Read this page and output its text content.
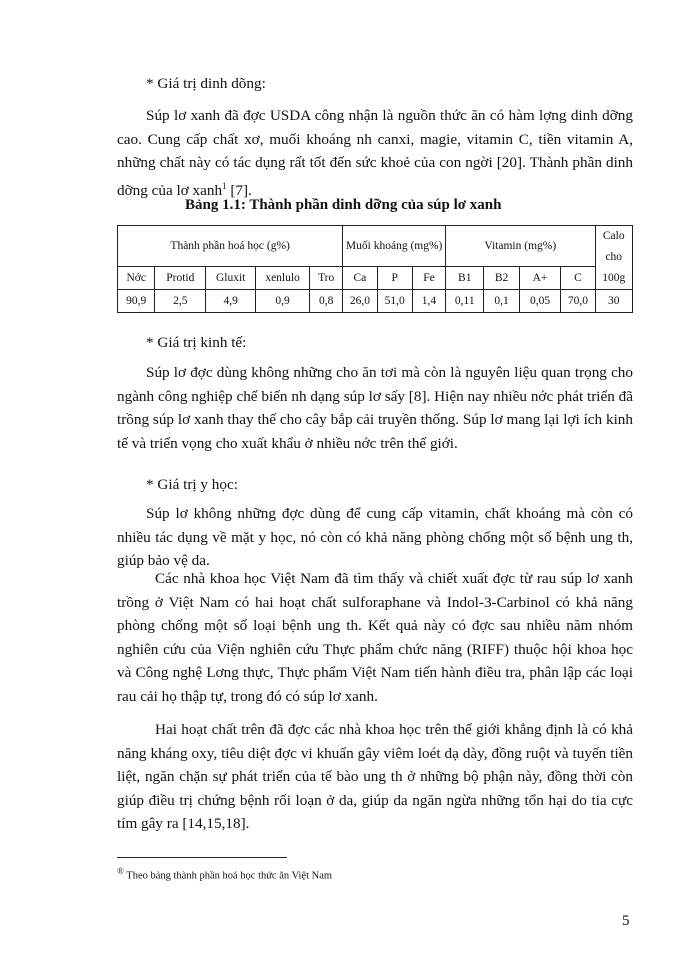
* Giá trị dinh dõng:

Súp lơ xanh đã đợc USDA công nhận là nguồn thức ăn có hàm lợng dinh dỡng cao. Cung cấp chất xơ, muối khoáng nh canxi, magie, vitamin C, tiền vitamin A, những chất này có tác dụng rất tốt đến sức khoẻ của con ngời [20]. Thành phần dinh dỡng của lơ xanh$^1$ [7].

Bảng 1.1: Thành phần dinh dỡng của súp lơ xanh

Thành phần hoá học (g%)					Muối khoáng (mg%)			Vitamin (mg%)				Calo cho 100g
Nớc	Protid	Gluxit	xenlulo	Tro	Ca	P	Fe	B1	B2	A+	C	
90,9	2,5	4,9	0,9	0,8	26,0	51,0	1,4	0,11	0,1	0,05	70,0	30

* Giá trị kinh tế:

Súp lơ đợc dùng không những cho ăn tơi mà còn là nguyên liệu quan trọng cho ngành công nghiệp chế biến nh dạng súp lơ sấy [8]. Hiện nay nhiều nớc phát triển đã trồng súp lơ xanh thay thế cho cây bắp cải truyền thống. Súp lơ mang lại lợi ích kinh tế và triển vọng cho xuất khẩu ở nhiều nớc trên thế giới.

* Giá trị y học:

Súp lơ không những đợc dùng để cung cấp vitamin, chất khoáng mà còn có nhiều tác dụng về mặt y học, nó còn có khả năng phòng chống một số bệnh ung th, giúp bảo vệ da.

Các nhà khoa học Việt Nam đã tìm thấy và chiết xuất đợc từ rau súp lơ xanh trồng ở Việt Nam có hai hoạt chất sulforaphane và Indol-3-Carbinol có khả năng phòng chống một số loại bệnh ung th. Kết quả này có đợc sau nhiều năm nhóm nghiên cứu của Viện nghiên cứu Thực phẩm chức năng (RIFF) thuộc hội khoa học và Công nghệ Lơng thực, Thực phẩm Việt Nam tiến hành điều tra, phân lập các loại rau cải họ thập tự, trong đó có súp lơ xanh.

Hai hoạt chất trên đã đợc các nhà khoa học trên thế giới khẳng định là có khả năng kháng oxy, tiêu diệt đợc vi khuẩn gây viêm loét dạ dày, đồng ruột và tuyến tiền liệt, ngăn chặn sự phát triển của tế bào ung th ở những bộ phận này, đồng thời còn giúp điều trị chứng bệnh rối loạn ở da, giúp da ngăn ngừa những tổn hại do tia cực tím gây ra [14,15,18].

® Theo bảng thành phần hoá học thức ăn Việt Nam

5
